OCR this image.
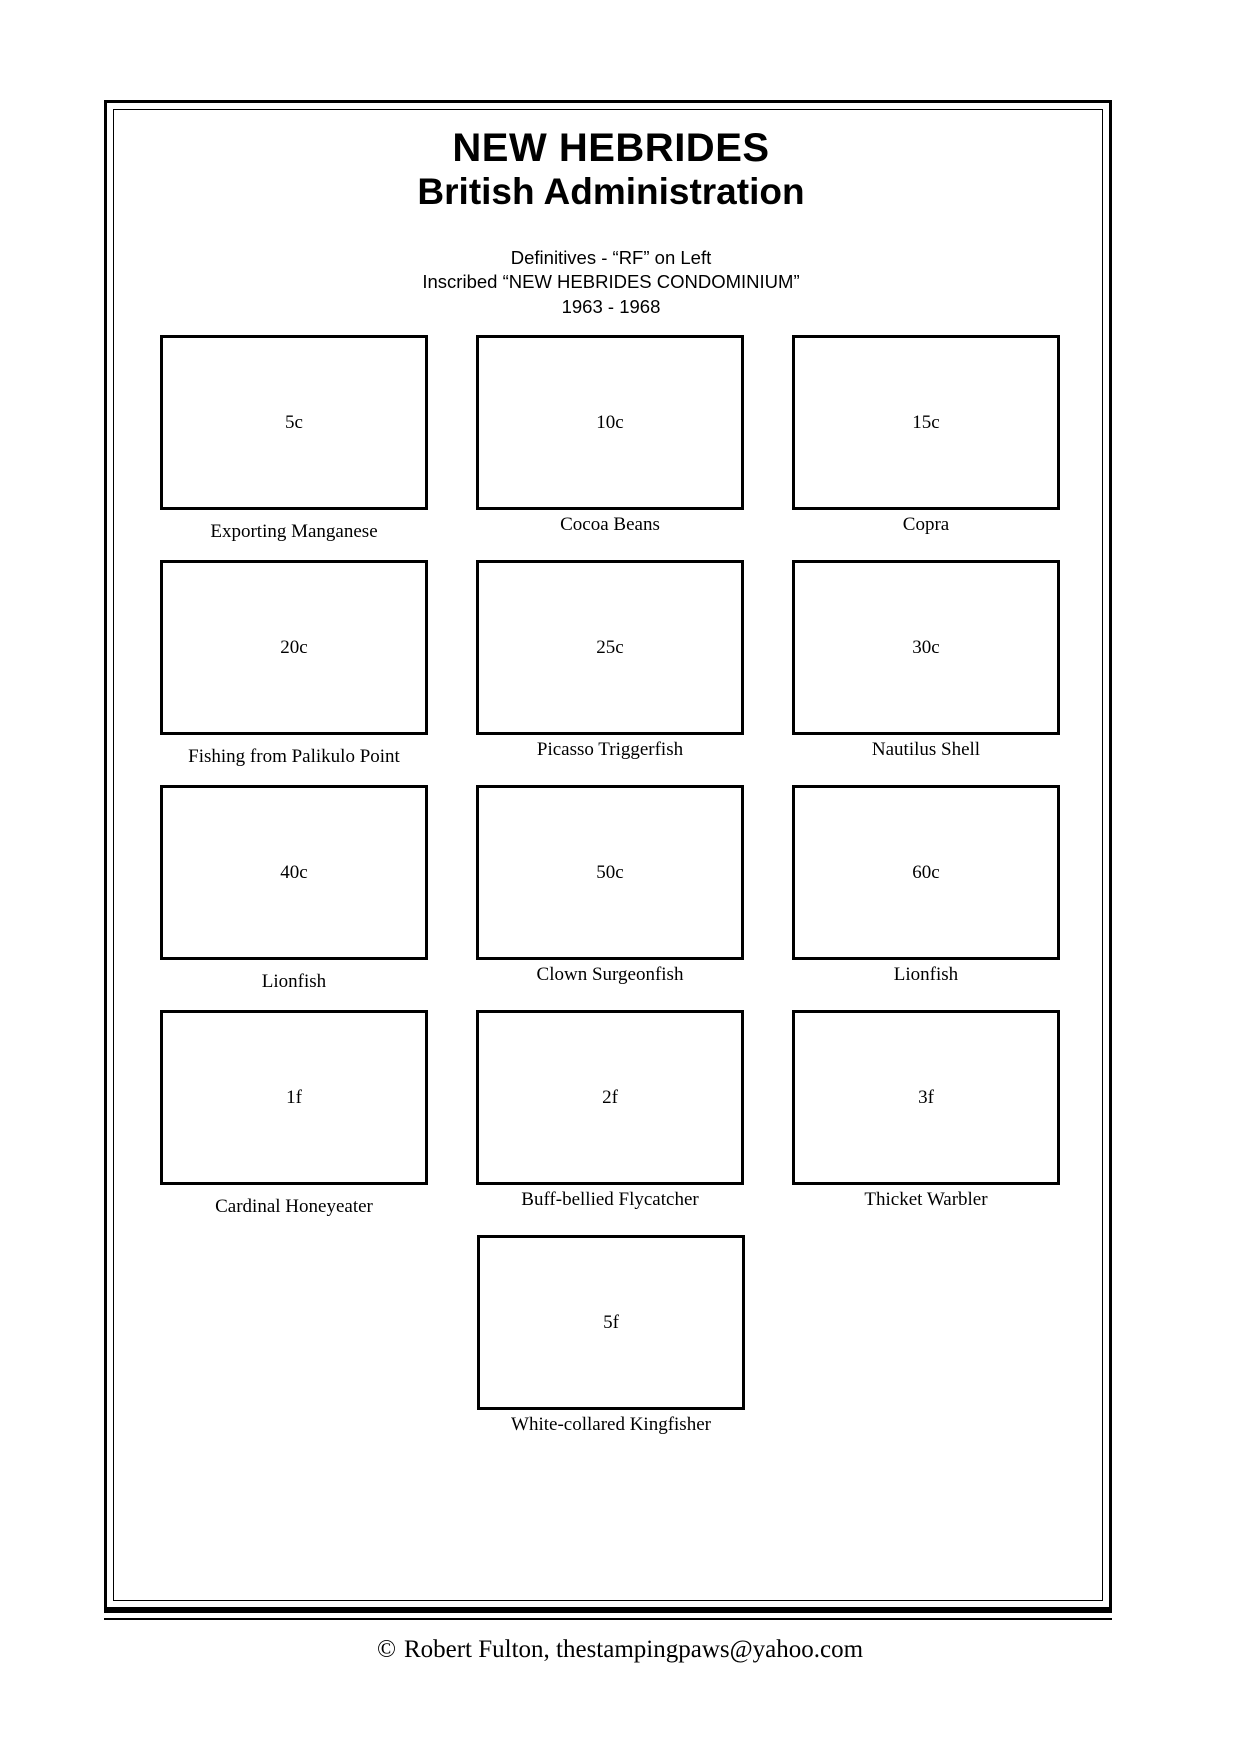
NEW HEBRIDES
British Administration
Definitives - “RF” on Left
Inscribed “NEW HEBRIDES CONDOMINIUM”
1963 - 1968
5c
Exporting Manganese
10c
Cocoa Beans
15c
Copra
20c
Fishing from Palikulo Point
25c
Picasso Triggerfish
30c
Nautilus Shell
40c
Lionfish
50c
Clown Surgeonfish
60c
Lionfish
1f
Cardinal Honeyeater
2f
Buff-bellied Flycatcher
3f
Thicket Warbler
5f
White-collared Kingfisher
© Robert Fulton, thestampingpaws@yahoo.com
